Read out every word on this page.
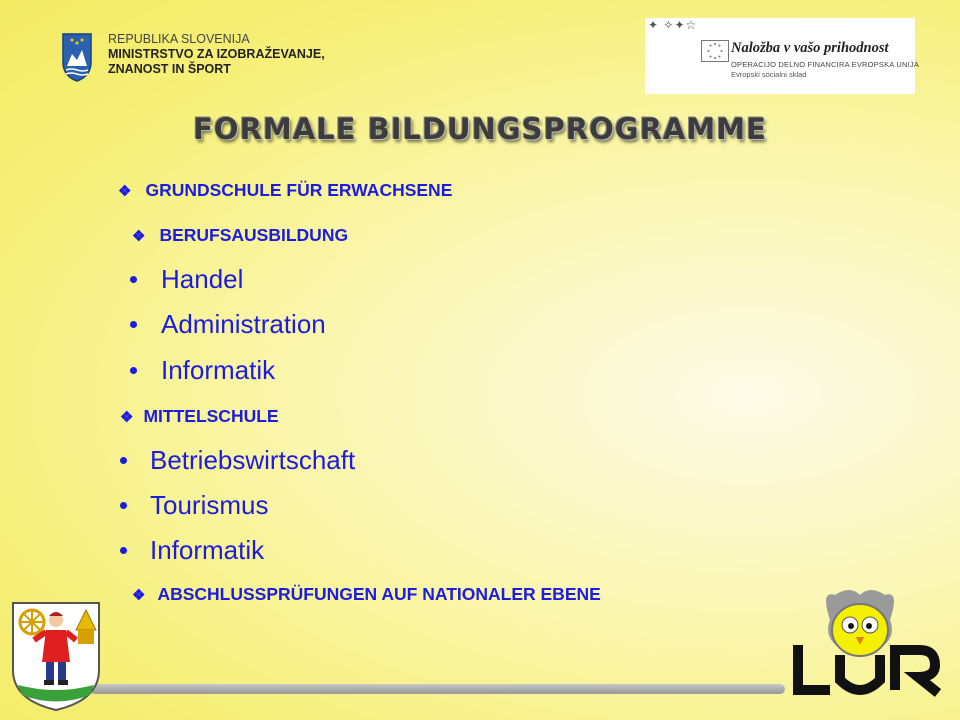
REPUBLIKA SLOVENIJA
MINISTRSTVO ZA IZOBRAŽEVANJE,
ZNANOST IN ŠPORT
✦ ✧✦☆
Naložba v vašo prihodnost
OPERACIJO DELNO FINANCIRA EVROPSKA UNIJA
Evropski socialni sklad
FORMALE BILDUNGSPROGRAMME
❖ GRUNDSCHULE FÜR ERWACHSENE
❖ BERUFSAUSBILDUNG
Handel
Administration
Informatik
❖ MITTELSCHULE
Betriebswirtschaft
Tourismus
Informatik
❖ ABSCHLUSSPRÜFUNGEN AUF NATIONALER EBENE
